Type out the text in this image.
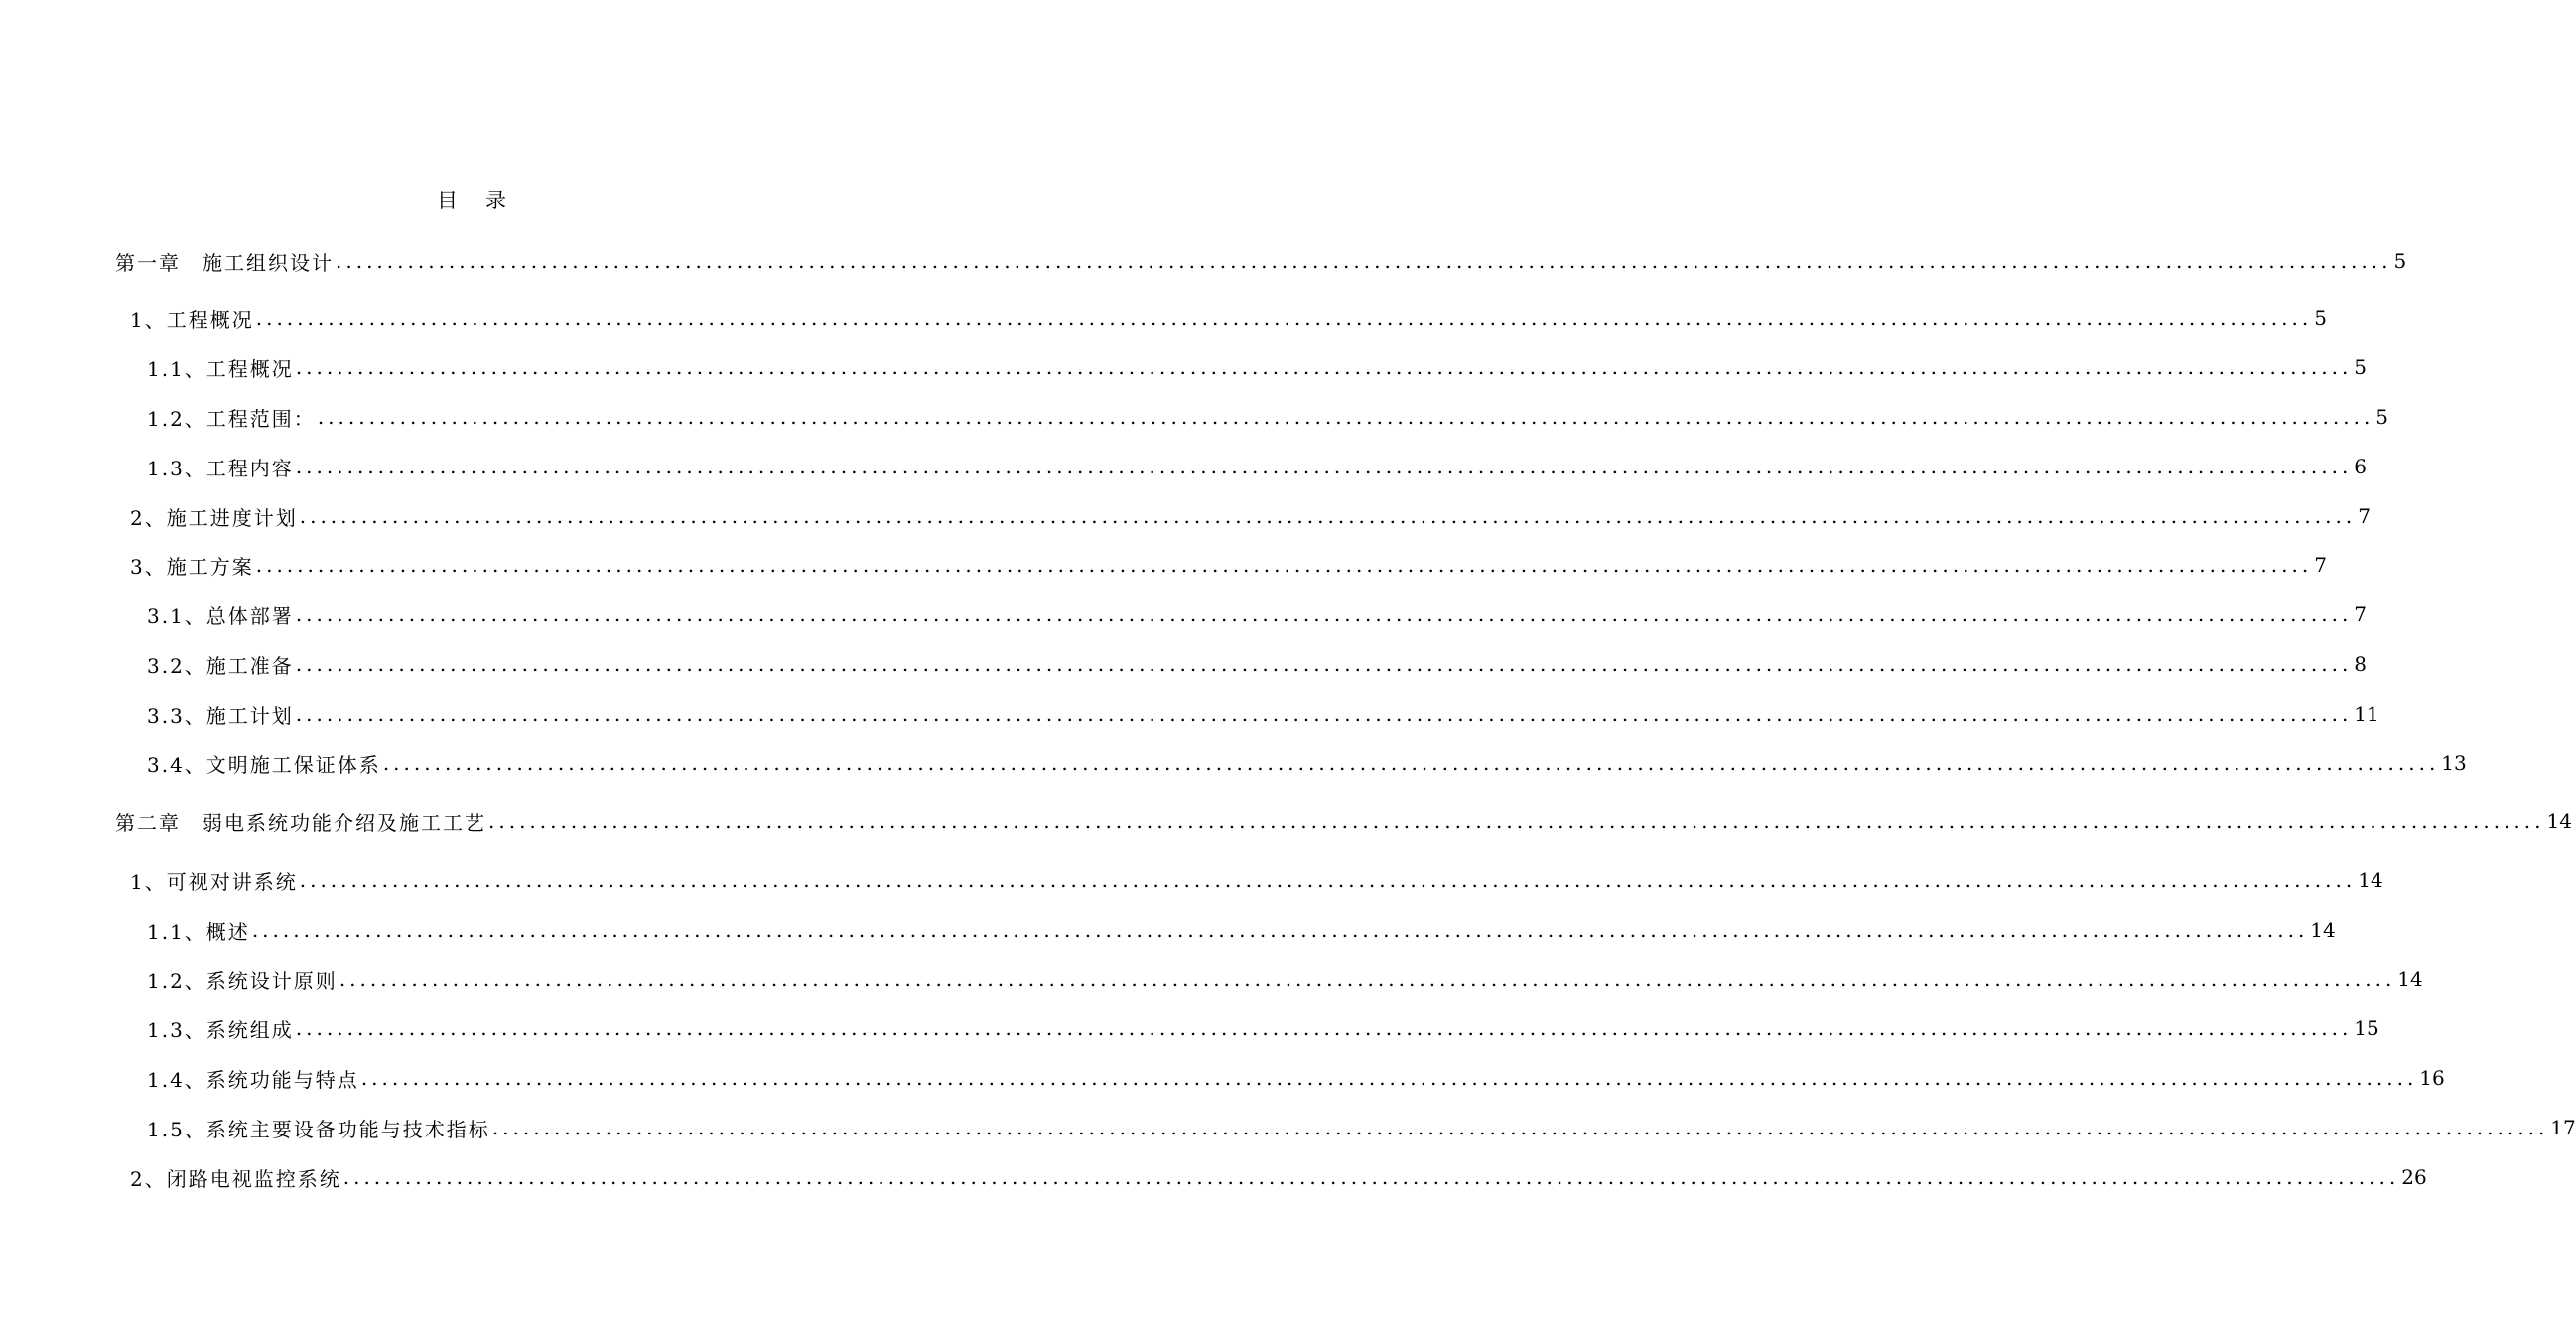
目录
第一章 施工组织设计 ........................................................................................................................................................................................................ 5
1、工程概况 ........................................................................................................................................................................................................ 5
1.1、工程概况 ........................................................................................................................................................................................................ 5
1.2、工程范围： ........................................................................................................................................................................................................ 5
1.3、工程内容 ........................................................................................................................................................................................................ 6
2、施工进度计划 ........................................................................................................................................................................................................ 7
3、施工方案 ........................................................................................................................................................................................................ 7
3.1、总体部署 ........................................................................................................................................................................................................ 7
3.2、施工准备 ........................................................................................................................................................................................................ 8
3.3、施工计划 ........................................................................................................................................................................................................ 11
3.4、文明施工保证体系 ........................................................................................................................................................................................................ 13
第二章 弱电系统功能介绍及施工工艺 ........................................................................................................................................................................................................ 14
1、可视对讲系统 ........................................................................................................................................................................................................ 14
1.1、概述 ........................................................................................................................................................................................................ 14
1.2、系统设计原则 ........................................................................................................................................................................................................ 14
1.3、系统组成 ........................................................................................................................................................................................................ 15
1.4、系统功能与特点 ........................................................................................................................................................................................................ 16
1.5、系统主要设备功能与技术指标 ........................................................................................................................................................................................................ 17
2、闭路电视监控系统 ........................................................................................................................................................................................................ 26
